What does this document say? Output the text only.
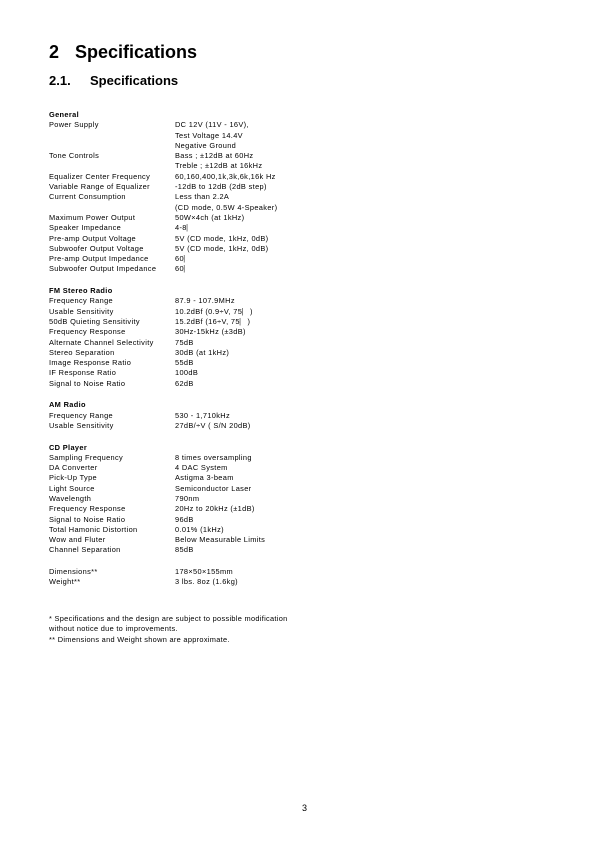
2 Specifications
2.1. Specifications
General
Power Supply	DC 12V (11V - 16V),
Test Voltage 14.4V
Negative Ground
Tone Controls	Bass ; ±12dB at 60Hz
Treble ; ±12dB at 16kHz
Equalizer Center Frequency	60,160,400,1k,3k,6k,16k Hz
Variable Range of Equalizer	-12dB to 12dB (2dB step)
Current Consumption	Less than 2.2A
(CD mode, 0.5W 4-Speaker)
Maximum Power Output	50W×4ch (at 1kHz)
Speaker Impedance	4-8⎸
Pre-amp Output Voltage	5V (CD mode, 1kHz, 0dB)
Subwoofer Output Voltage	5V (CD mode, 1kHz, 0dB)
Pre-amp Output Impedance	60⎸
Subwoofer Output Impedance	60⎸
FM Stereo Radio
Frequency Range	87.9 - 107.9MHz
Usable Sensitivity	10.2dBf (0.9÷V, 75⎸)
50dB Quieting Sensitivity	15.2dBf (16÷V, 75⎸)
Frequency Response	30Hz-15kHz (±3dB)
Alternate Channel Selectivity	75dB
Stereo Separation	30dB (at 1kHz)
Image Response Ratio	55dB
IF Response Ratio	100dB
Signal to Noise Ratio	62dB
AM Radio
Frequency Range	530 - 1,710kHz
Usable Sensitivity	27dB/÷V ( S/N 20dB)
CD Player
Sampling Frequency	8 times oversampling
DA Converter	4 DAC System
Pick-Up Type	Astigma 3-beam
Light Source	Semiconductor Laser
Wavelength	790nm
Frequency Response	20Hz to 20kHz (±1dB)
Signal to Noise Ratio	96dB
Total Hamonic Distortion	0.01% (1kHz)
Wow and Fluter	Below Measurable Limits
Channel Separation	85dB
Dimensions**	178×50×155mm
Weight**	3 lbs. 8oz (1.6kg)
* Specifications and the design are subject to possible modification
without notice due to improvements.
** Dimensions and Weight shown are approximate.
3
